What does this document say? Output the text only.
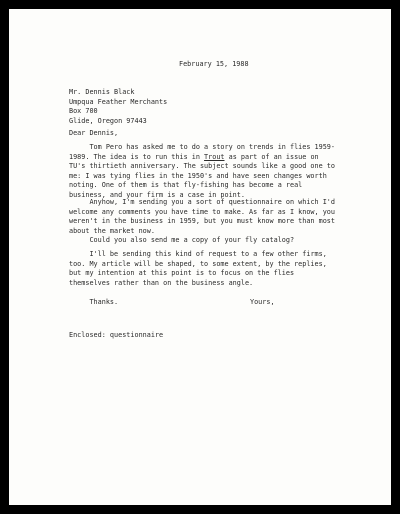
February 15, 1988
Mr. Dennis Black
Umpqua Feather Merchants
Box 700
Glide, Oregon 97443
Dear Dennis,
Tom Pero has asked me to do a story on trends in flies 1959-
1989. The idea is to run this in Trout as part of an issue on
TU's thirtieth anniversary. The subject sounds like a good one to
me: I was tying flies in the 1950's and have seen changes worth
noting. One of them is that fly-fishing has become a real
business, and your firm is a case in point.
Anyhow, I'm sending you a sort of questionnaire on which I'd
welcome any comments you have time to make. As far as I know, you
weren't in the business in 1959, but you must know more than most
about the market now.
Could you also send me a copy of your fly catalog?
I'll be sending this kind of request to a few other firms,
too. My article will be shaped, to some extent, by the replies,
but my intention at this point is to focus on the flies
themselves rather than on the business angle.

Thanks.	Yours,
Enclosed: questionnaire
